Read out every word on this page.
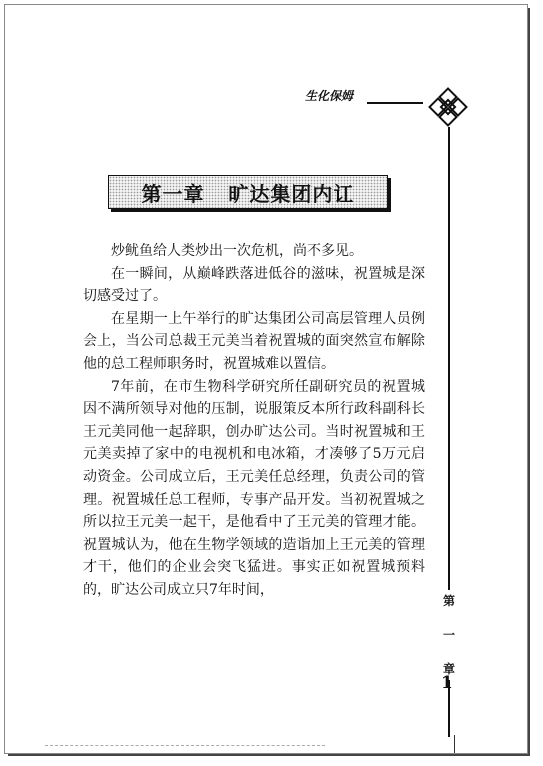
生化保姆
第
一
章
第一章   旷达集团内讧

炒鱿鱼给人类炒出一次危机，尚不多见。

在一瞬间，从巅峰跌落进低谷的滋味，祝置城是深切感受过了。

在星期一上午举行的旷达集团公司高层管理人员例会上，当公司总裁王元美当着祝置城的面突然宣布解除他的总工程师职务时，祝置城难以置信。

7年前，在市生物科学研究所任副研究员的祝置城因不满所领导对他的压制，说服策反本所行政科副科长王元美同他一起辞职，创办旷达公司。当时祝置城和王元美卖掉了家中的电视机和电冰箱，才凑够了5万元启动资金。公司成立后，王元美任总经理，负责公司的管理。祝置城任总工程师，专事产品开发。当初祝置城之所以拉王元美一起干，是他看中了王元美的管理才能。祝置城认为，他在生物学领域的造诣加上王元美的管理才干，他们的企业会突飞猛进。事实正如祝置城预料的，旷达公司成立只7年时间，

1
